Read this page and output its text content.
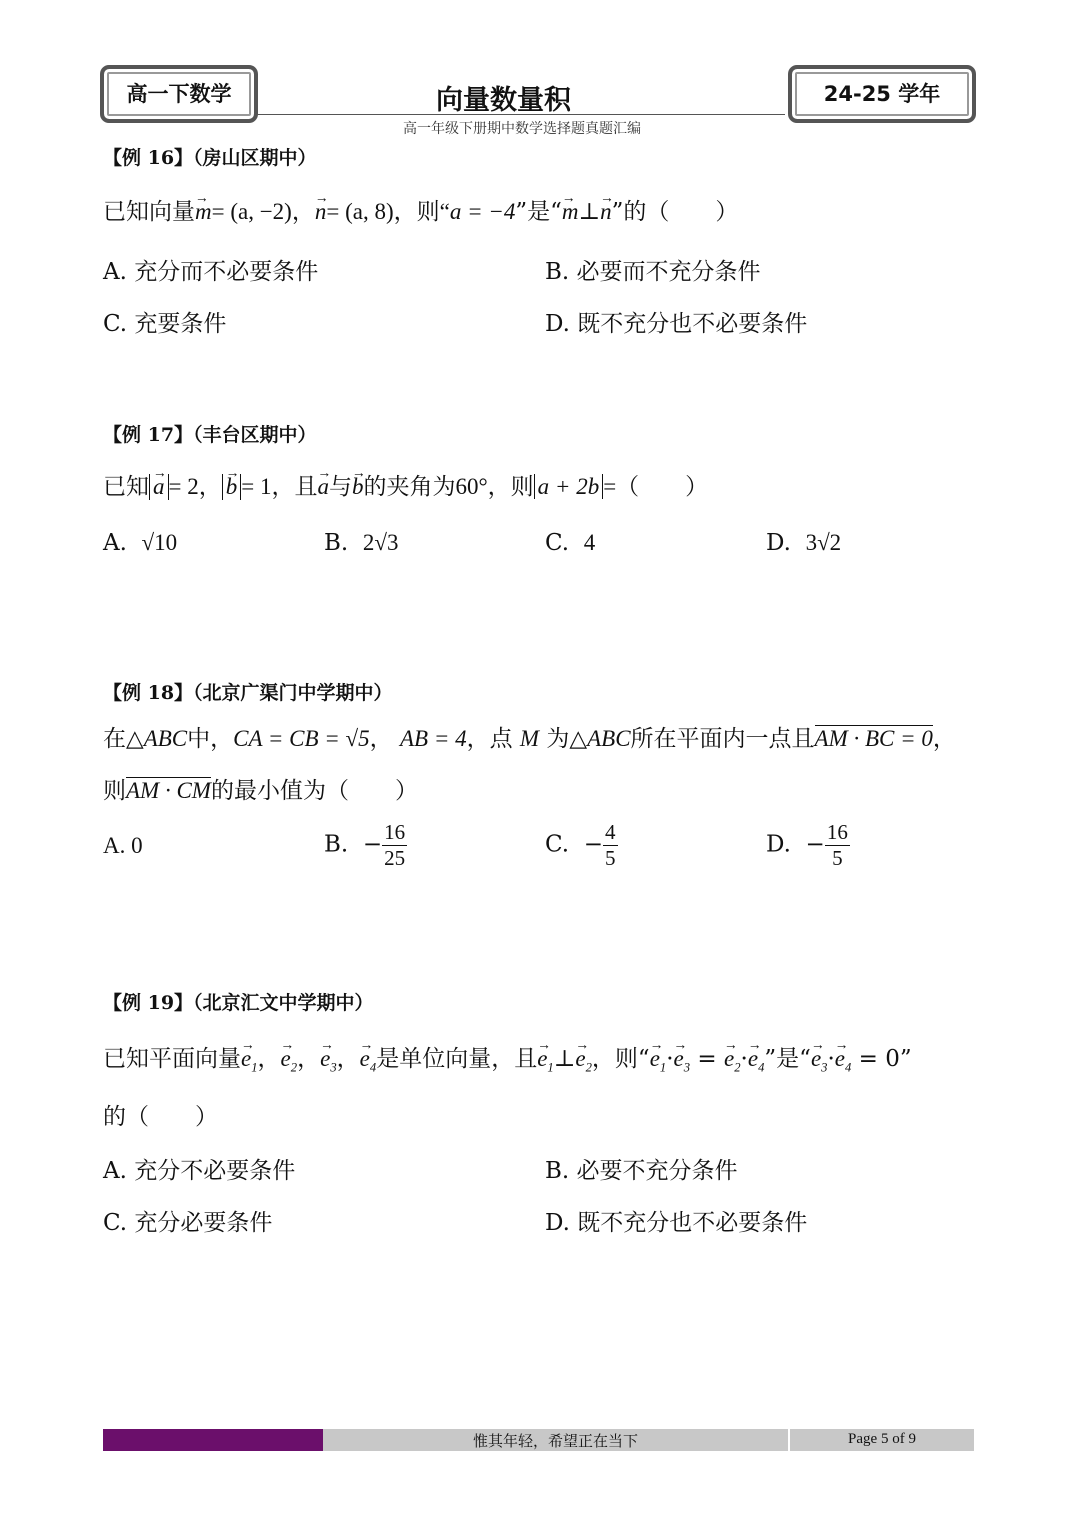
高一下数学	24-25 学年
向量数量积
高一年级下册期中数学选择题真题汇编
【例 16】（房山区期中）
已知向量→ m= (a, −2)，→ n= (a, 8)，则“a = −4”是“→ m⊥→ n”的（　　）
A. 充分而不必要条件	B. 必要而不充分条件
C. 充要条件	D. 既不充分也不必要条件
【例 17】（丰台区期中）
已知 → a = 2， → b = 1，且→ a与→ b的夹角为60°，则 a + 2b =（　　）
A. √10	B. 2√3	C. 4	D. 3√2
【例 18】（北京广渠门中学期中）
在△ABC中，CA = CB = √5， AB = 4，点 M 为△ABC所在平面内一点且AM · BC = 0，
则AM · CM的最小值为（　　）
A. 0	B.  − $\frac{16}{25}$	C.  − $\frac{4}{5}$	D.  − $\frac{16}{5}$
【例 19】（北京汇文中学期中）
已知平面向量→ $e_1$，→ $e_2$，→ $e_3$，→ $e_4$是单位向量，且→ $e_1\perp\to e_2$，则“→ $e_1\cdot\to e_3$ = → $e_2\cdot\to e_4$”是“→ $e_3\cdot\to e_4 = 0$”
的（　　）
A. 充分不必要条件	B. 必要不充分条件
C. 充分必要条件	D. 既不充分也不必要条件
惟其年轻，希望正在当下	Page 5 of 9
